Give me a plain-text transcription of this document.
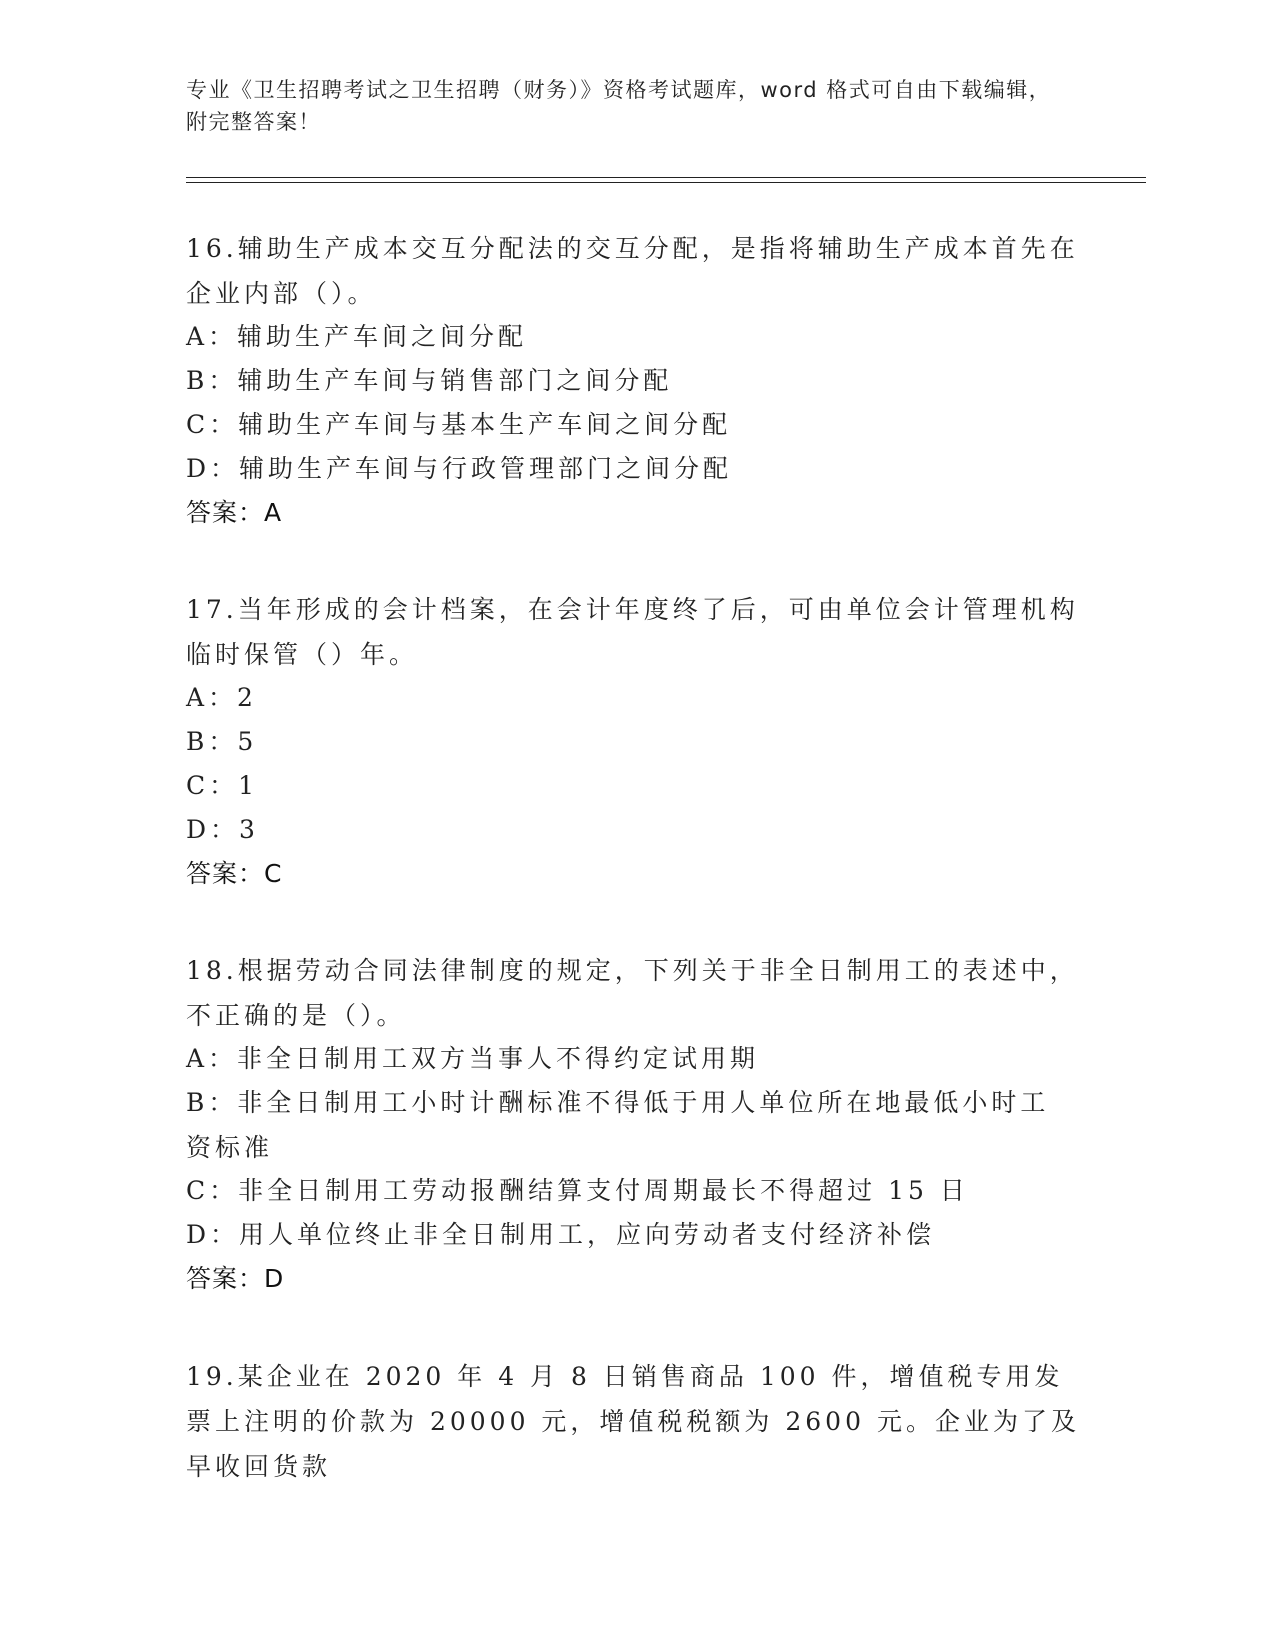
专业《卫生招聘考试之卫生招聘（财务）》资格考试题库，word 格式可自由下载编辑，附完整答案！
16.辅助生产成本交互分配法的交互分配，是指将辅助生产成本首先在企业内部（）。
A：辅助生产车间之间分配
B：辅助生产车间与销售部门之间分配
C：辅助生产车间与基本生产车间之间分配
D：辅助生产车间与行政管理部门之间分配
答案：A
17.当年形成的会计档案，在会计年度终了后，可由单位会计管理机构临时保管（）年。
A：2
B：5
C：1
D：3
答案：C
18.根据劳动合同法律制度的规定，下列关于非全日制用工的表述中，不正确的是（）。
A：非全日制用工双方当事人不得约定试用期
B：非全日制用工小时计酬标准不得低于用人单位所在地最低小时工资标准
C：非全日制用工劳动报酬结算支付周期最长不得超过 15 日
D：用人单位终止非全日制用工，应向劳动者支付经济补偿
答案：D
19.某企业在 2020 年 4 月 8 日销售商品 100 件，增值税专用发票上注明的价款为 20000 元，增值税税额为 2600 元。企业为了及早收回货款
